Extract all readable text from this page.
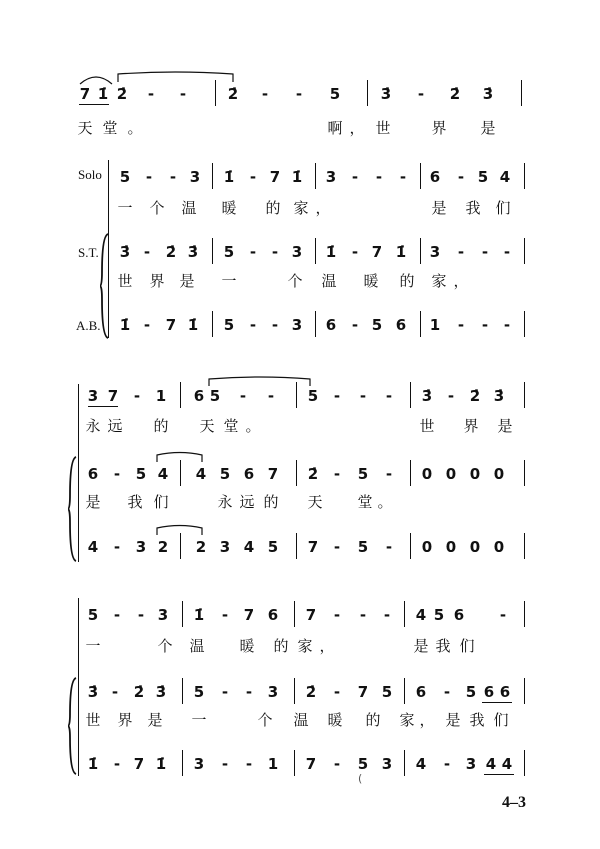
7 1̇ 2̇ - -	2̇ - - 5	3̇ - 2̇ 3̇
天 堂 。	啊 ， 世	界 是
Solo
S.T.
A.B.
5 - - 3 1̇ - 7 1̇ 3 - - - 6 - 5 4
一 个 温 暖 的 家 ，	是 我 们
3̇ - 2̇ 3̇ 5 - - 3 1̇ - 7 1̇ 3 - - -
世 界 是 一	个 温 暖 的 家 ，
1̇ - 7 1̇ 5 - - 3 6 - 5 6 1 - - -
3 7 - 1 6 5 - - 5 - - - 3̇ - 2̇ 3̇
永 远 的 天 堂 。	世 界 是
6 - 5 4 4 5 6 7 2̇ - 5 - 0 0 0 0
是 我 们	永 远 的 天 堂 。
4 - 3 2 2 3 4 5 7 - 5 - 0 0 0 0
5 - - 3 1̇ - 7 6 7 - - - 4 5 6 -
一	个 温 暖 的 家 ，	是 我 们
3̇ - 2̇ 3̇ 5 - - 3 2̇ - 7 5 6 - 5 6 6
世 界 是 一	个 温 暖 的 家 ， 是 我 们
1̇ - 7 1̇ 3 - - 1 7 - 5 3 4 - 3 4 4
(
4–3
